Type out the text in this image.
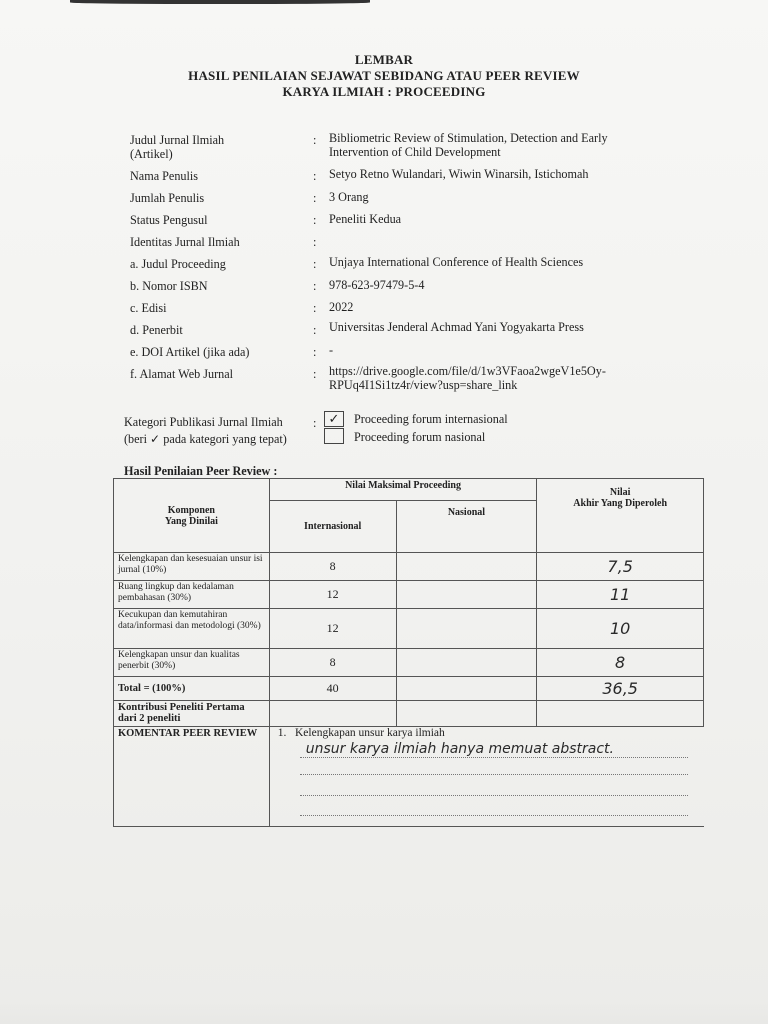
LEMBAR
HASIL PENILAIAN SEJAWAT SEBIDANG ATAU PEER REVIEW
KARYA ILMIAH : PROCEEDING
Judul Jurnal Ilmiah
(Artikel)
: Bibliometric Review of Stimulation, Detection and Early
Intervention of Child Development
Nama Penulis	: Setyo Retno Wulandari, Wiwin Winarsih, Istichomah
Jumlah Penulis	: 3 Orang
Status Pengusul	: Peneliti Kedua
Identitas Jurnal Ilmiah	:
a. Judul Proceeding	: Unjaya International Conference of Health Sciences
b. Nomor ISBN	: 978-623-97479-5-4
c. Edisi	: 2022
d. Penerbit	: Universitas Jenderal Achmad Yani Yogyakarta Press
e. DOI Artikel (jika ada)	: -
f. Alamat Web Jurnal	: https://drive.google.com/file/d/1w3VFaoa2wgeV1e5Oy-
RPUq4I1Si1tz4r/view?usp=share_link
Kategori Publikasi Jurnal Ilmiah
(beri ✓ pada kategori yang tepat)
: ✓	Proceeding forum internasional
Proceeding forum nasional
Hasil Penilaian Peer Review :
Komponen
Yang Dinilai	Nilai Maksimal Proceeding		Nilai
Akhir Yang Diperoleh
	Internasional	Nasional	
Kelengkapan dan kesesuaian unsur isi jurnal (10%)	8		7,5
Ruang lingkup dan kedalaman pembahasan (30%)	12		11
Kecukupan dan kemutahiran data/informasi dan metodologi (30%)	12		10
Kelengkapan unsur dan kualitas penerbit (30%)	8		8
Total = (100%)	40		36,5
Kontribusi Peneliti Pertama dari 2 peneliti			
KOMENTAR PEER REVIEW	1. Kelengkapan unsur karya ilmiah
unsur karya ilmiah hanya memuat abstract.		
